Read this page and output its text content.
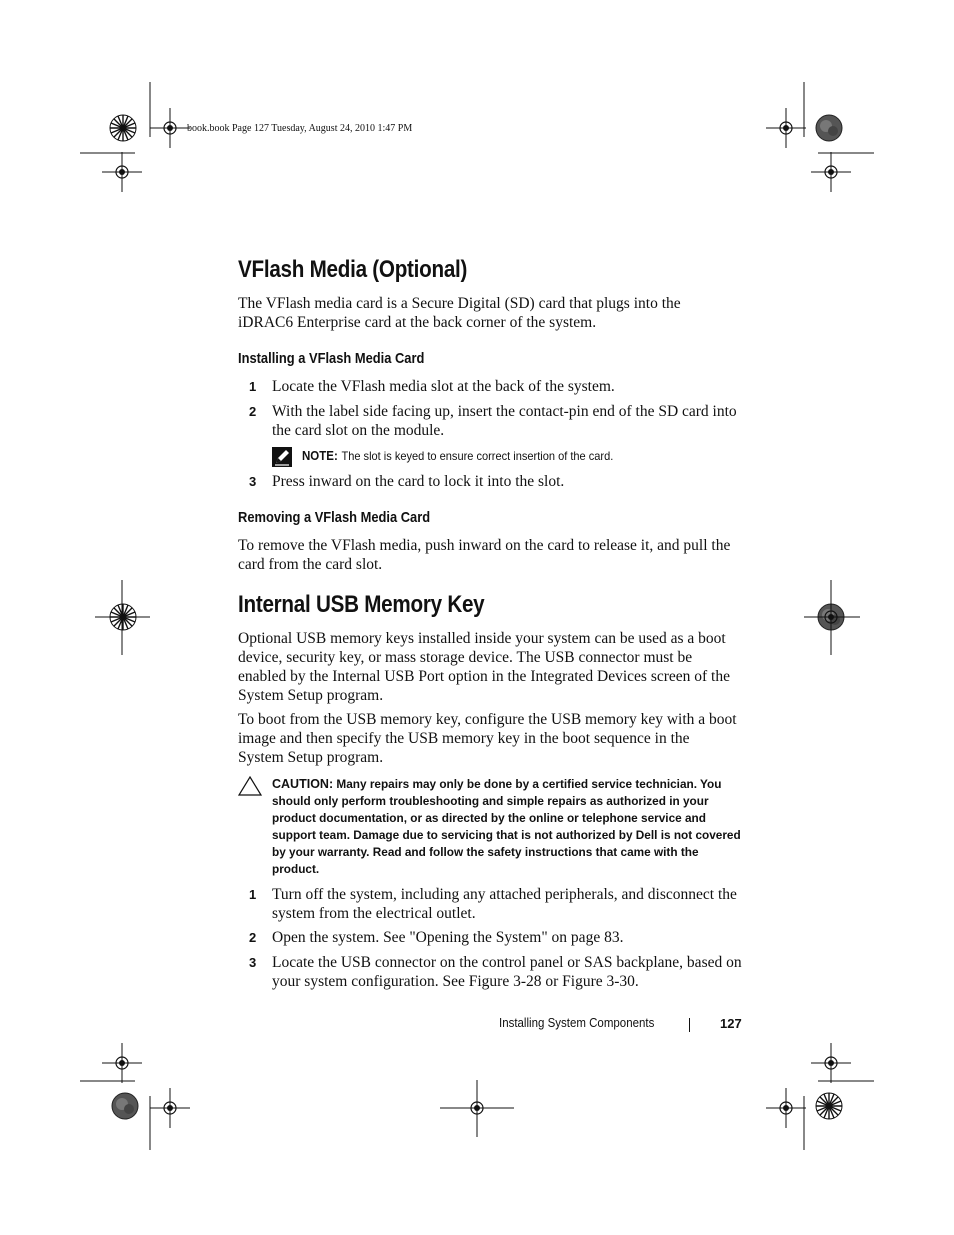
book.book Page 127 Tuesday, August 24, 2010 1:47 PM

VFlash Media (Optional)

The VFlash media card is a Secure Digital (SD) card that plugs into the iDRAC6 Enterprise card at the back corner of the system.

Installing a VFlash Media Card
1 Locate the VFlash media slot at the back of the system.

2 With the label side facing up, insert the contact-pin end of the SD card into the card slot on the module.

NOTE: The slot is keyed to ensure correct insertion of the card.
3 Press inward on the card to lock it into the slot.

Removing a VFlash Media Card

To remove the VFlash media, push inward on the card to release it, and pull the card from the card slot.

Internal USB Memory Key

Optional USB memory keys installed inside your system can be used as a boot device, security key, or mass storage device. The USB connector must be enabled by the Internal USB Port option in the Integrated Devices screen of the System Setup program.

To boot from the USB memory key, configure the USB memory key with a boot image and then specify the USB memory key in the boot sequence in the System Setup program.

CAUTION: Many repairs may only be done by a certified service technician. You should only perform troubleshooting and simple repairs as authorized in your product documentation, or as directed by the online or telephone service and support team. Damage due to servicing that is not authorized by Dell is not covered by your warranty. Read and follow the safety instructions that came with the product.

1 Turn off the system, including any attached peripherals, and disconnect the system from the electrical outlet.

2 Open the system. See "Opening the System" on page 83.

3 Locate the USB connector on the control panel or SAS backplane, based on your system configuration. See Figure 3-28 or Figure 3-30.

Installing System Components	127
